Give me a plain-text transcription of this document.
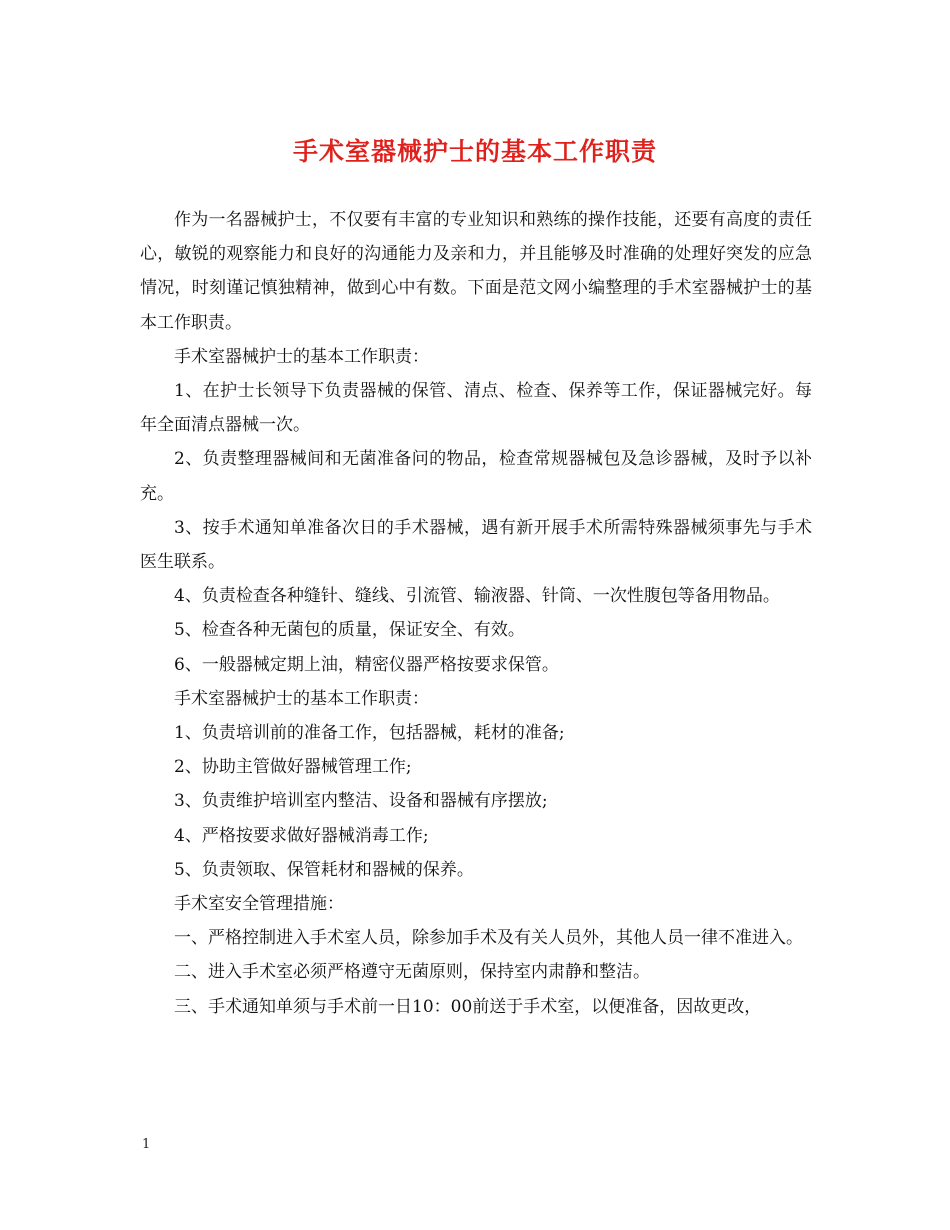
手术室器械护士的基本工作职责

作为一名器械护士，不仅要有丰富的专业知识和熟练的操作技能，还要有高度的责任心，敏锐的观察能力和良好的沟通能力及亲和力，并且能够及时准确的处理好突发的应急情况，时刻谨记慎独精神，做到心中有数。下面是范文网小编整理的手术室器械护士的基本工作职责。

手术室器械护士的基本工作职责：

1、在护士长领导下负责器械的保管、清点、检查、保养等工作，保证器械完好。每年全面清点器械一次。

2、负责整理器械间和无菌准备问的物品，检查常规器械包及急诊器械，及时予以补充。

3、按手术通知单准备次日的手术器械，遇有新开展手术所需特殊器械须事先与手术医生联系。

4、负责检查各种缝针、缝线、引流管、输液器、针筒、一次性腹包等备用物品。

5、检查各种无菌包的质量，保证安全、有效。

6、一般器械定期上油，精密仪器严格按要求保管。

手术室器械护士的基本工作职责：

1、负责培训前的准备工作，包括器械，耗材的准备;

2、协助主管做好器械管理工作;

3、负责维护培训室内整洁、设备和器械有序摆放;

4、严格按要求做好器械消毒工作;

5、负责领取、保管耗材和器械的保养。

手术室安全管理措施：

一、严格控制进入手术室人员，除参加手术及有关人员外，其他人员一律不准进入。

二、进入手术室必须严格遵守无菌原则，保持室内肃静和整洁。

三、手术通知单须与手术前一日10：00前送于手术室，以便准备，因故更改，

1
